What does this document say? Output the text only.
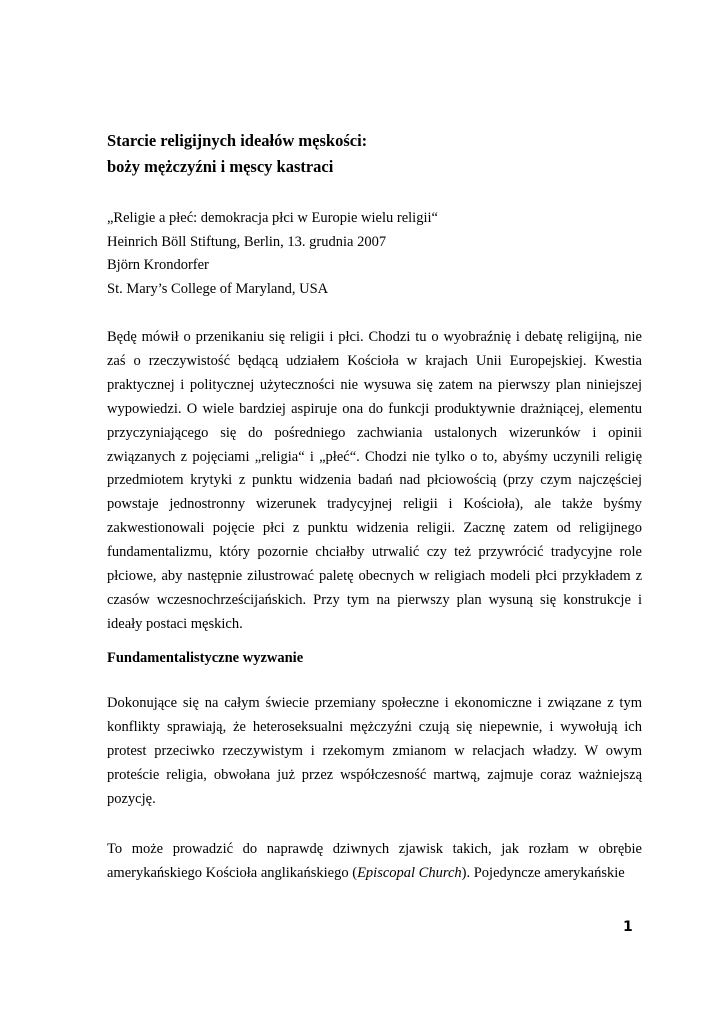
Starcie religijnych ideałów męskości:
boży mężczyźni i męscy kastraci
„Religie a płeć: demokracja płci w Europie wielu religii“
Heinrich Böll Stiftung, Berlin, 13. grudnia 2007
Björn Krondorfer
St. Mary’s College of Maryland, USA

Będę mówił o przenikaniu się religii i płci. Chodzi tu o wyobraźnię i debatę religijną, nie zaś o rzeczywistość będącą udziałem Kościoła w krajach Unii Europejskiej. Kwestia praktycznej i politycznej użyteczności nie wysuwa się zatem na pierwszy plan niniejszej wypowiedzi. O wiele bardziej aspiruje ona do funkcji produktywnie drażniącej, elementu przyczyniającego się do pośredniego zachwiania ustalonych wizerunków i opinii związanych z pojęciami „religia“ i „płeć“. Chodzi nie tylko o to, abyśmy uczynili religię przedmiotem krytyki z punktu widzenia badań nad płciowością (przy czym najczęściej powstaje jednostronny wizerunek tradycyjnej religii i Kościoła), ale także byśmy zakwestionowali pojęcie płci z punktu widzenia religii. Zacznę zatem od religijnego fundamentalizmu, który pozornie chciałby utrwalić czy też przywrócić tradycyjne role płciowe, aby następnie zilustrować paletę obecnych w religiach modeli płci przykładem z czasów wczesnochrześcijańskich. Przy tym na pierwszy plan wysuną się konstrukcje i ideały postaci męskich.

Fundamentalistyczne wyzwanie

Dokonujące się na całym świecie przemiany społeczne i ekonomiczne i związane z tym konflikty sprawiają, że heteroseksualni mężczyźni czują się niepewnie, i wywołują ich protest przeciwko rzeczywistym i rzekomym zmianom w relacjach władzy. W owym proteście religia, obwołana już przez współczesność martwą, zajmuje coraz ważniejszą pozycję.

To może prowadzić do naprawdę dziwnych zjawisk takich, jak rozłam w obrębie amerykańskiego Kościoła anglikańskiego (Episcopal Church). Pojedyncze amerykańskie

1
